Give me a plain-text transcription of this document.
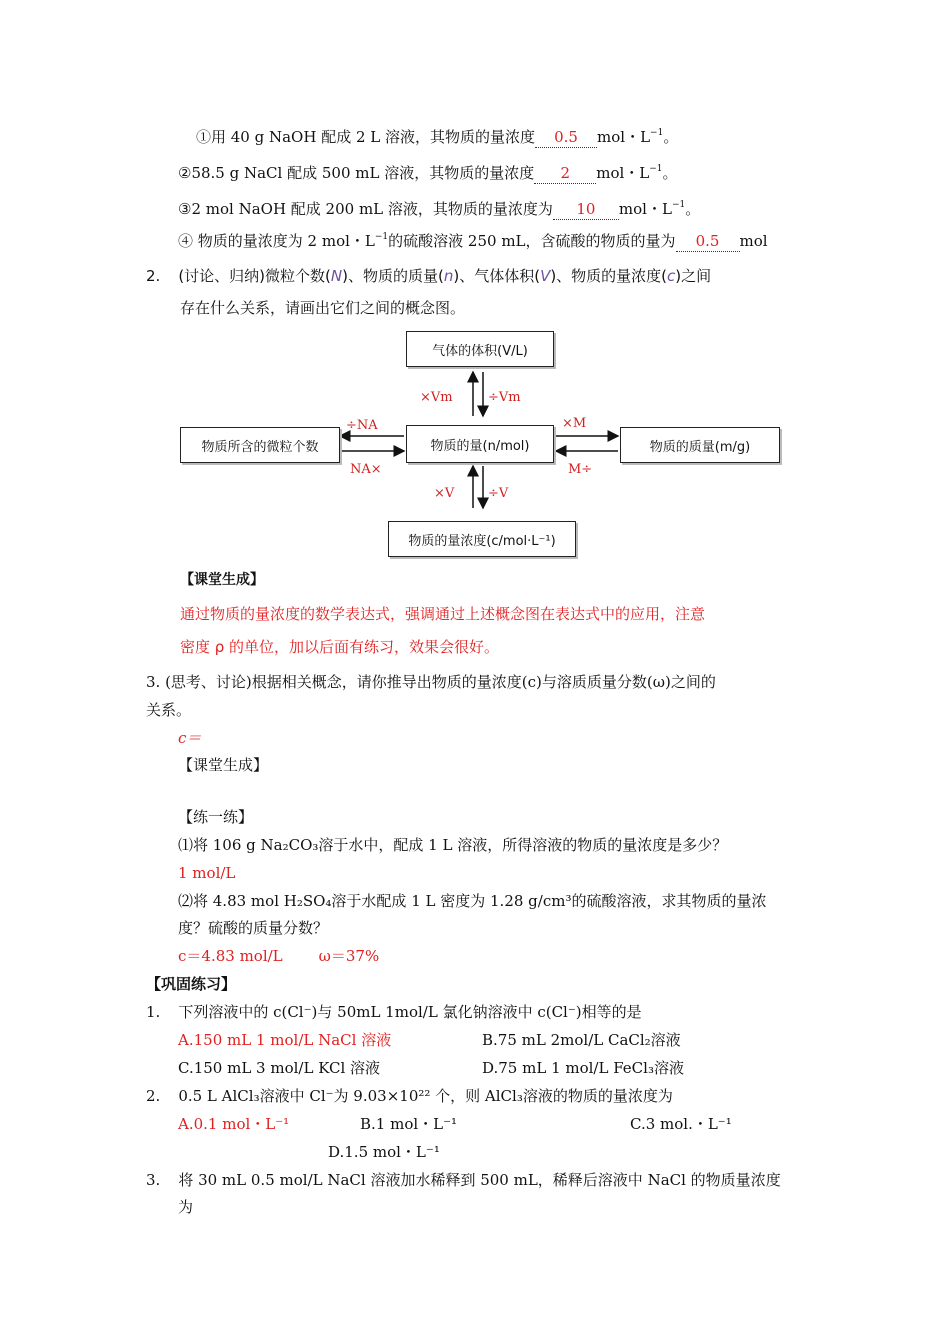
①用 40 g NaOH 配成 2 L 溶液，其物质的量浓度 0.5 mol・$L^{-1}$。
②58.5 g NaCl 配成 500 mL 溶液，其物质的量浓度 2 mol・$L^{-1}$。
③2 mol NaOH 配成 200 mL 溶液，其物质的量浓度为 10 mol・$L^{-1}$。
④ 物质的量浓度为 2 mol・$L^{-1}$的硫酸溶液 250 mL，含硫酸的物质的量为 0.5 mol
2. (讨论、归纳)微粒个数(N)、物质的质量(n)、气体体积(V)、物质的量浓度(c)之间
存在什么关系，请画出它们之间的概念图。
气体的体积(V/L)
物质所含的微粒个数	物质的量(n/mol)	物质的质量(m/g)
物质的量浓度(c/mol·L⁻¹)
×Vm	÷Vm
÷NA
NA×
×M
M÷
×V	÷V
【课堂生成】
通过物质的量浓度的数学表达式，强调通过上述概念图在表达式中的应用，注意
密度 ρ 的单位，加以后面有练习，效果会很好。
3. (思考、讨论)根据相关概念，请你推导出物质的量浓度(c)与溶质质量分数(ω)之间的
关系。
c＝
【课堂生成】
【练一练】
⑴将 106 g Na₂CO₃溶于水中，配成 1 L 溶液，所得溶液的物质的量浓度是多少？
1 mol/L
⑵将 4.83 mol H₂SO₄溶于水配成 1 L 密度为 1.28 g/cm³的硫酸溶液，求其物质的量浓
度？硫酸的质量分数？
c＝4.83 mol/L ω＝37%
【巩固练习】
1. 下列溶液中的 c(Cl⁻)与 50mL 1mol/L 氯化钠溶液中 c(Cl⁻)相等的是
A.150 mL 1 mol/L NaCl 溶液	B.75 mL 2mol/L CaCl₂溶液
C.150 mL 3 mol/L KCl 溶液	D.75 mL 1 mol/L FeCl₃溶液
2. 0.5 L AlCl₃溶液中 Cl⁻为 9.03×10²² 个，则 AlCl₃溶液的物质的量浓度为
A.0.1 mol・L⁻¹	B.1 mol・L⁻¹	C.3 mol.・L⁻¹
D.1.5 mol・L⁻¹
3. 将 30 mL 0.5 mol/L NaCl 溶液加水稀释到 500 mL，稀释后溶液中 NaCl 的物质量浓度
为
